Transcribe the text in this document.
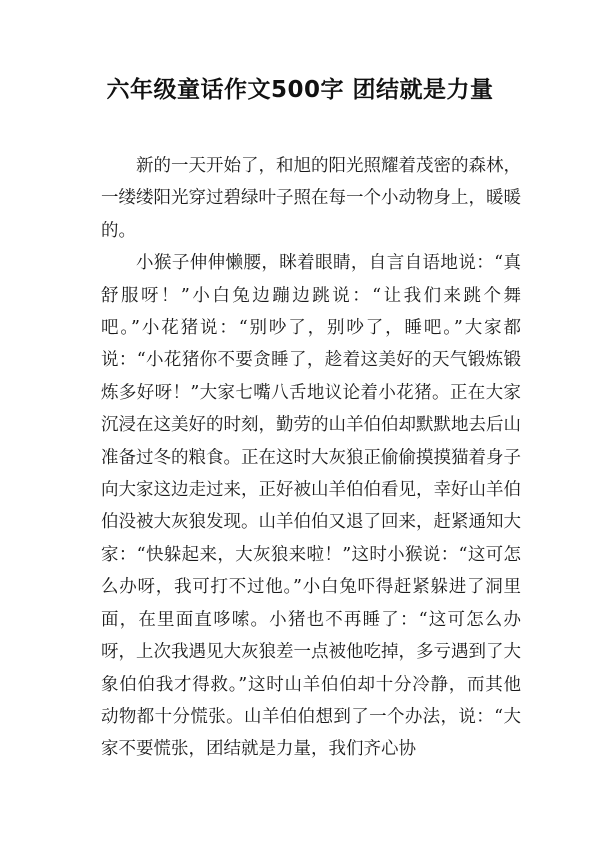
六年级童话作文500字 团结就是力量

新的一天开始了，和旭的阳光照耀着茂密的森林，一缕缕阳光穿过碧绿叶子照在每一个小动物身上，暖暖的。

小猴子伸伸懒腰，眯着眼睛，自言自语地说：“真舒服呀！”小白兔边蹦边跳说：“让我们来跳个舞吧。”小花猪说：“别吵了，别吵了，睡吧。”大家都说：“小花猪你不要贪睡了，趁着这美好的天气锻炼锻炼多好呀！”大家七嘴八舌地议论着小花猪。正在大家沉浸在这美好的时刻，勤劳的山羊伯伯却默默地去后山准备过冬的粮食。正在这时大灰狼正偷偷摸摸猫着身子向大家这边走过来，正好被山羊伯伯看见，幸好山羊伯伯没被大灰狼发现。山羊伯伯又退了回来，赶紧通知大家：“快躲起来，大灰狼来啦！”这时小猴说：“这可怎么办呀，我可打不过他。”小白兔吓得赶紧躲进了洞里面，在里面直哆嗦。小猪也不再睡了：“这可怎么办呀，上次我遇见大灰狼差一点被他吃掉，多亏遇到了大象伯伯我才得救。”这时山羊伯伯却十分冷静，而其他动物都十分慌张。山羊伯伯想到了一个办法，说：“大家不要慌张，团结就是力量，我们齐心协
